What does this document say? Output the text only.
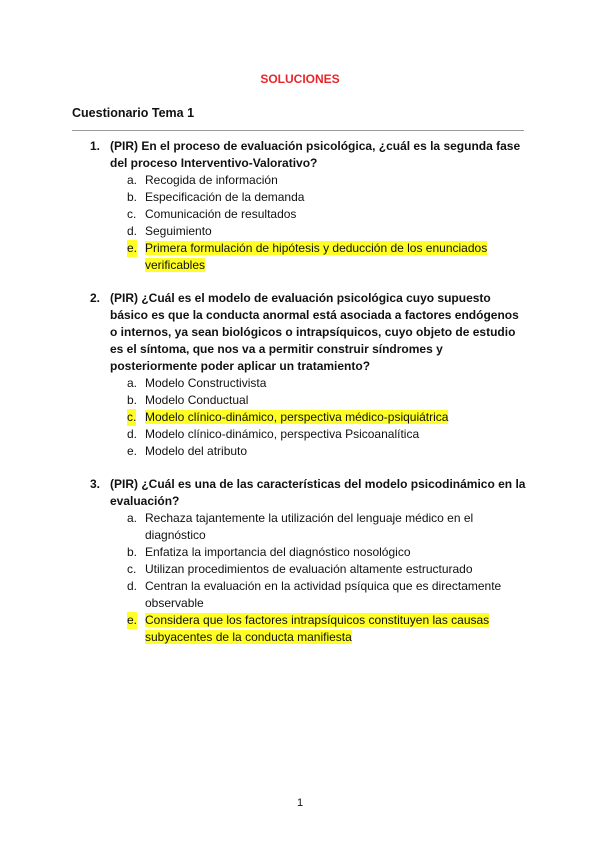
SOLUCIONES
Cuestionario Tema 1
1. (PIR) En el proceso de evaluación psicológica, ¿cuál es la segunda fase del proceso Interventivo-Valorativo?
a. Recogida de información
b. Especificación de la demanda
c. Comunicación de resultados
d. Seguimiento
e. Primera formulación de hipótesis y deducción de los enunciados verificables
2. (PIR) ¿Cuál es el modelo de evaluación psicológica cuyo supuesto básico es que la conducta anormal está asociada a factores endógenos o internos, ya sean biológicos o intrapsíquicos, cuyo objeto de estudio es el síntoma, que nos va a permitir construir síndromes y posteriormente poder aplicar un tratamiento?
a. Modelo Constructivista
b. Modelo Conductual
c. Modelo clínico-dinámico, perspectiva médico-psiquiátrica
d. Modelo clínico-dinámico, perspectiva Psicoanalítica
e. Modelo del atributo
3. (PIR) ¿Cuál es una de las características del modelo psicodinámico en la evaluación?
a. Rechaza tajantemente la utilización del lenguaje médico en el diagnóstico
b. Enfatiza la importancia del diagnóstico nosológico
c. Utilizan procedimientos de evaluación altamente estructurado
d. Centran la evaluación en la actividad psíquica que es directamente observable
e. Considera que los factores intrapsíquicos constituyen las causas subyacentes de la conducta manifiesta
1
